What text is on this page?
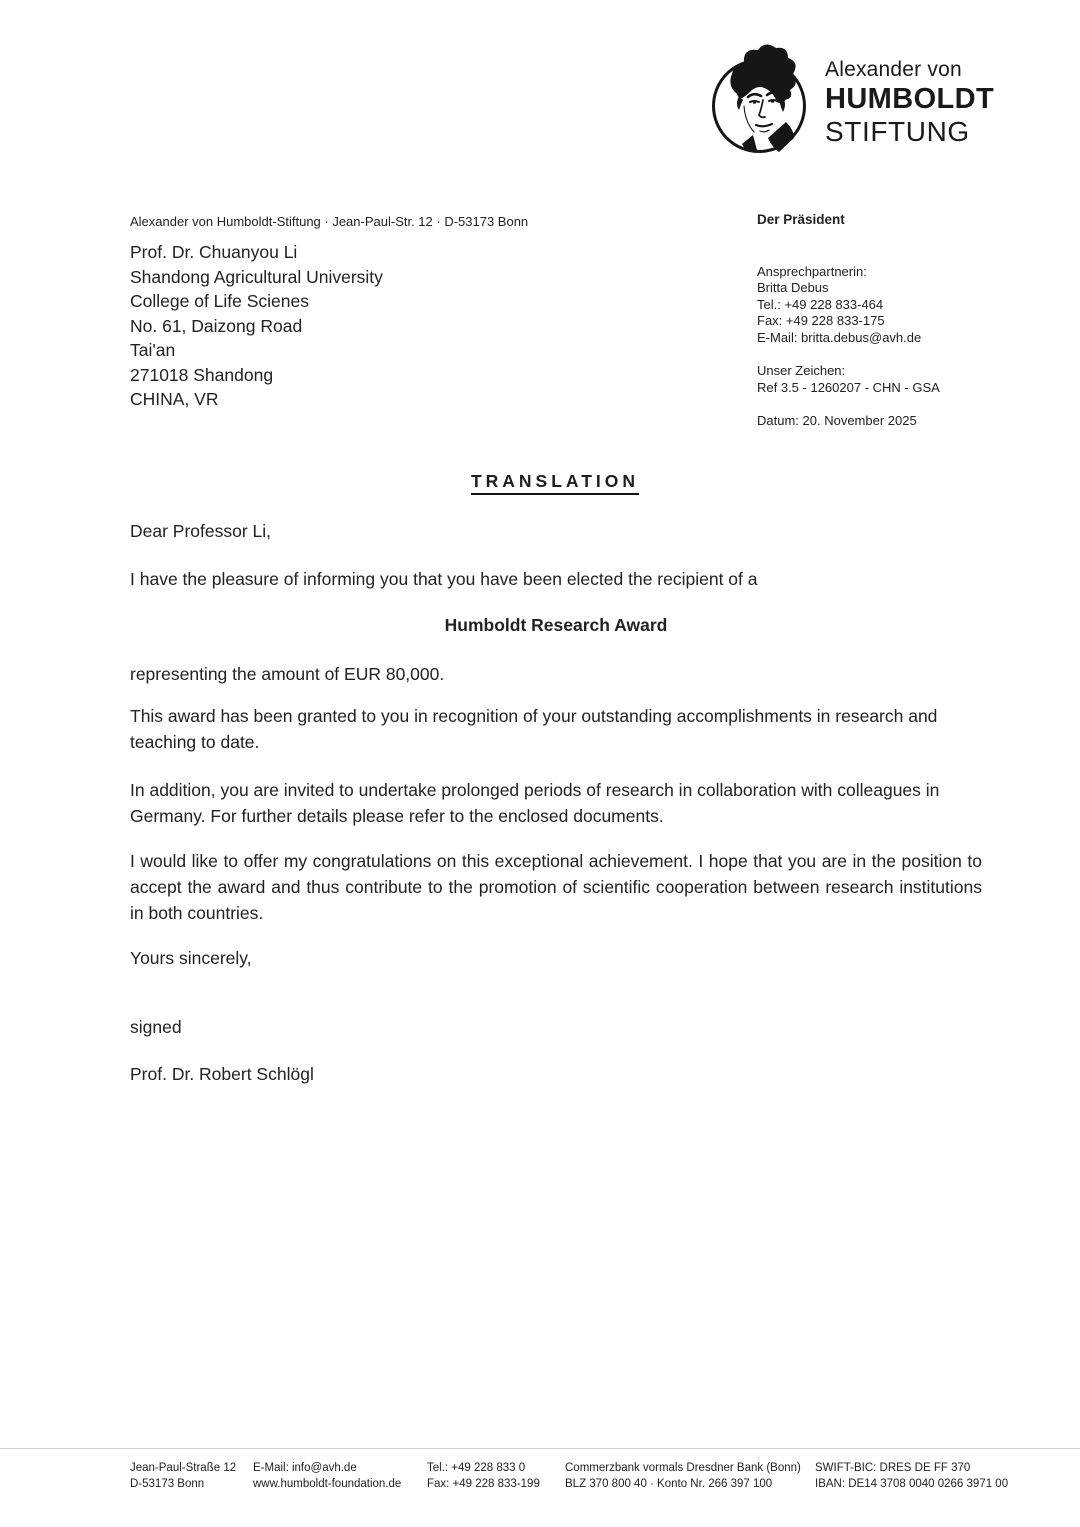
Alexander von
HUMBOLDT
STIFTUNG
Alexander von Humboldt-Stiftung · Jean-Paul-Str. 12 · D-53173 Bonn
Prof. Dr. Chuanyou Li
Shandong Agricultural University
College of Life Scienes
No. 61, Daizong Road
Tai'an
271018 Shandong
CHINA, VR
Der Präsident
Ansprechpartnerin:
Britta Debus
Tel.: +49 228 833-464
Fax: +49 228 833-175
E-Mail: britta.debus@avh.de
Unser Zeichen:
Ref 3.5 - 1260207 - CHN - GSA
Datum: 20. November 2025
TRANSLATION
Dear Professor Li,
I have the pleasure of informing you that you have been elected the recipient of a
Humboldt Research Award
representing the amount of EUR 80,000.
This award has been granted to you in recognition of your outstanding accomplishments in research and teaching to date.
In addition, you are invited to undertake prolonged periods of research in collaboration with colleagues in Germany. For further details please refer to the enclosed documents.
I would like to offer my congratulations on this exceptional achievement. I hope that you are in the position to accept the award and thus contribute to the promotion of scientific cooperation between research institutions in both countries.
Yours sincerely,
signed
Prof. Dr. Robert Schlögl
Jean-Paul-Straße 12
D-53173 Bonn
E-Mail: info@avh.de
www.humboldt-foundation.de
Tel.: +49 228 833 0
Fax: +49 228 833-199
Commerzbank vormals Dresdner Bank (Bonn)
BLZ 370 800 40 · Konto Nr. 266 397 100
SWIFT-BIC: DRES DE FF 370
IBAN: DE14 3708 0040 0266 3971 00
